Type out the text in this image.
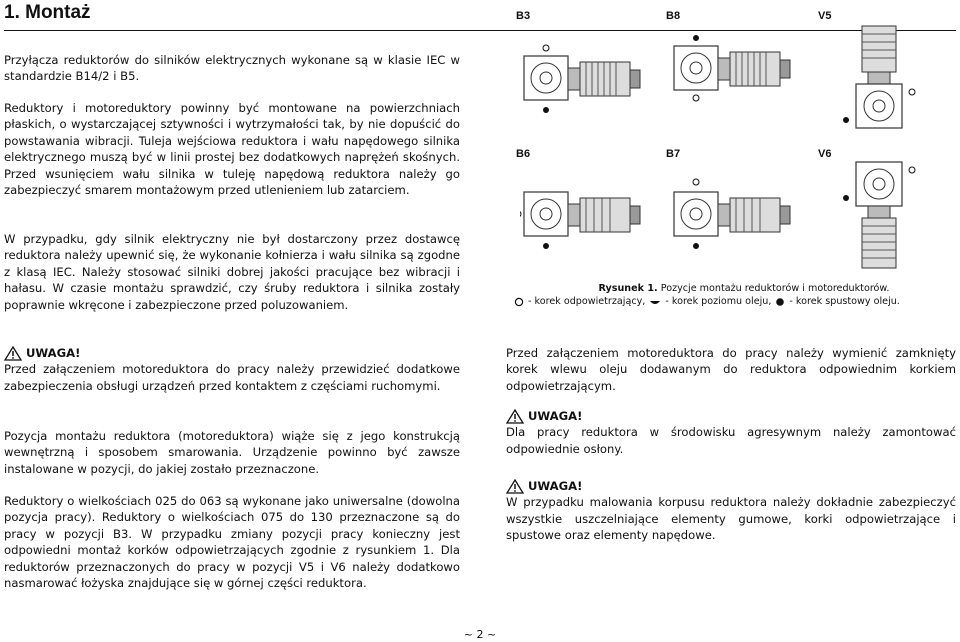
1. Montaż

Przyłącza reduktorów do silników elektrycznych wykonane są w klasie IEC w standardzie B14/2 i B5.

Reduktory i motoreduktory powinny być montowane na powierzchniach płaskich, o wystarczającej sztywności i wytrzymałości tak, by nie dopuścić do powstawania wibracji. Tuleja wejściowa reduktora i wału napędowego silnika elektrycznego muszą być w linii prostej bez dodatkowych naprężeń skośnych. Przed wsunięciem wału silnika w tuleję napędową reduktora należy go zabezpieczyć smarem montażowym przed utlenieniem lub zatarciem.

W przypadku, gdy silnik elektryczny nie był dostarczony przez dostawcę reduktora należy upewnić się, że wykonanie kołnierza i wału silnika są zgodne z klasą IEC. Należy stosować silniki dobrej jakości pracujące bez wibracji i hałasu. W czasie montażu sprawdzić, czy śruby reduktora i silnika zostały poprawnie wkręcone i zabezpieczone przed poluzowaniem.

UWAGA!
Przed załączeniem motoreduktora do pracy należy przewidzieć dodatkowe zabezpieczenia obsługi urządzeń przed kontaktem z częściami ruchomymi.

Pozycja montażu reduktora (motoreduktora) wiąże się z jego konstrukcją wewnętrzną i sposobem smarowania. Urządzenie powinno być zawsze instalowane w pozycji, do jakiej zostało przeznaczone.

Reduktory o wielkościach 025 do 063 są wykonane jako uniwersalne (dowolna pozycja pracy). Reduktory o wielkościach 075 do 130 przeznaczone są do pracy w pozycji B3. W przypadku zmiany pozycji pracy konieczny jest odpowiedni montaż korków odpowietrzających zgodnie z rysunkiem 1. Dla reduktorów przeznaczonych do pracy w pozycji V5 i V6 należy dodatkowo nasmarować łożyska znajdujące się w górnej części reduktora.

B3	B8	V5
B6	B7	V6
Rysunek 1. Pozycje montażu reduktorów i motoreduktorów.
- korek odpowietrzający, - korek poziomu oleju, - korek spustowy oleju.

Przed załączeniem motoreduktora do pracy należy wymienić zamknięty korek wlewu oleju dodawanym do reduktora odpowiednim korkiem odpowietrzającym.

UWAGA!
Dla pracy reduktora w środowisku agresywnym należy zamontować odpowiednie osłony.
UWAGA!
W przypadku malowania korpusu reduktora należy dokładnie zabezpieczyć wszystkie uszczelniające elementy gumowe, korki odpowietrzające i spustowe oraz elementy napędowe.
~ 2 ~
